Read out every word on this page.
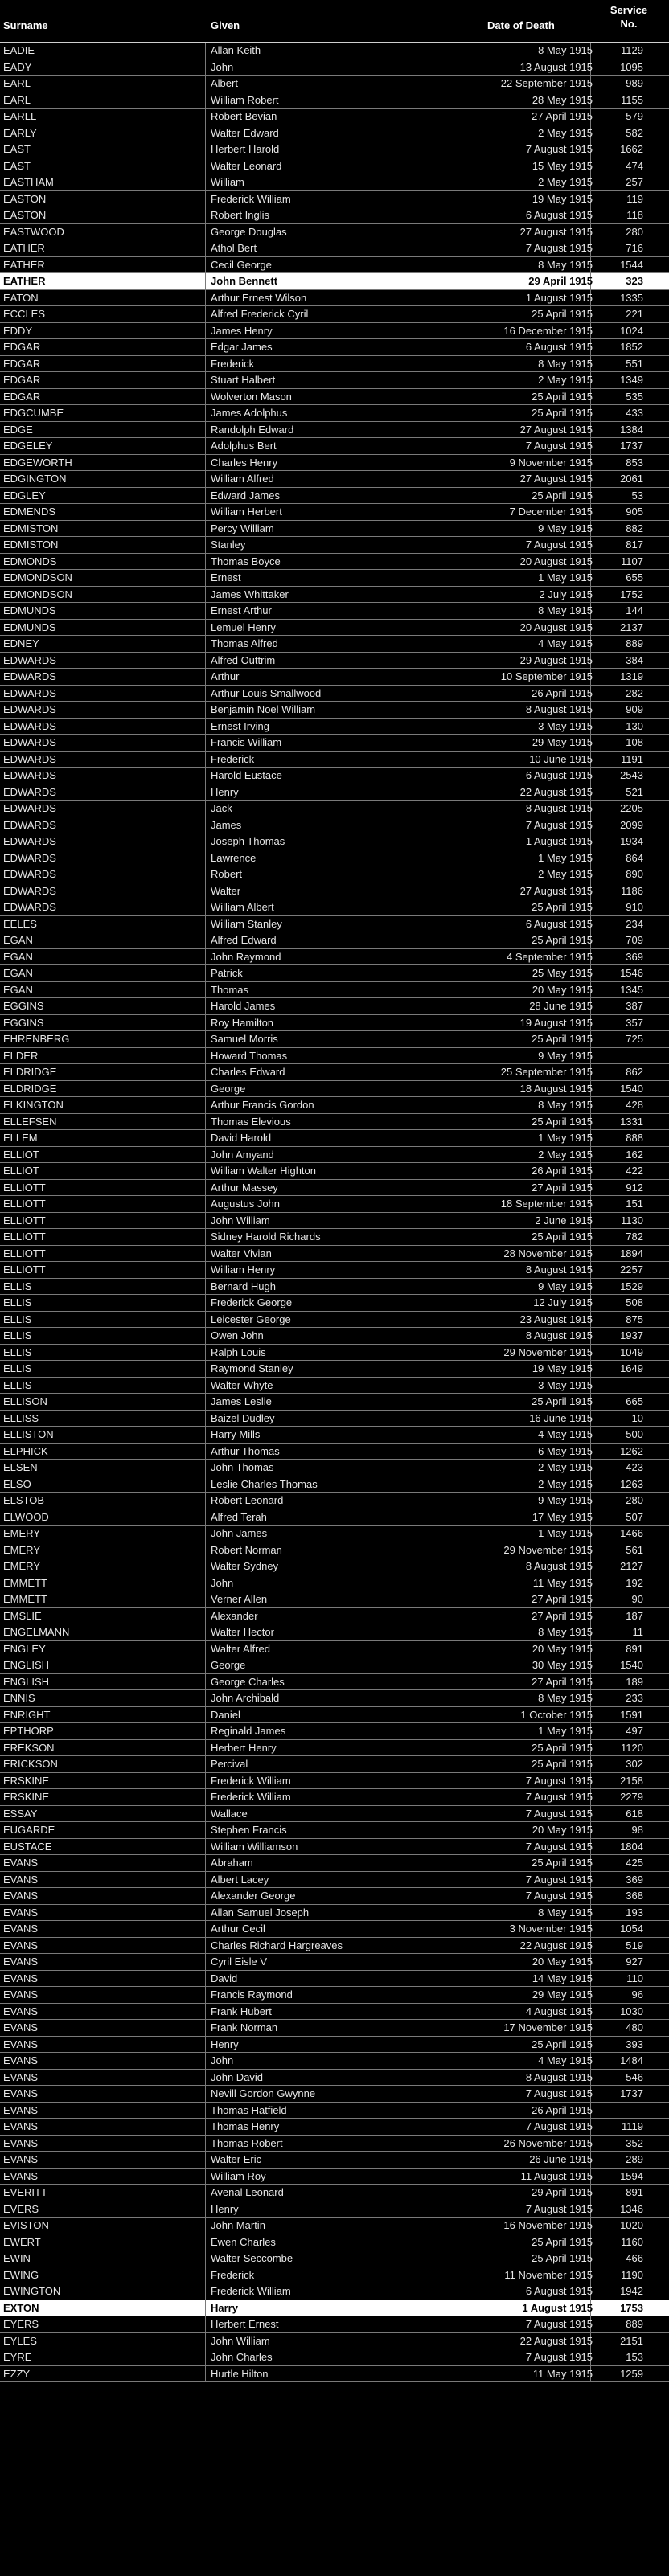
Surname	Given	Date of Death
Service
No.
EADIE	Allan Keith	8 May 1915	1129
EADY	John	13 August 1915	1095
EARL	Albert	22 September 1915	989
EARL	William Robert	28 May 1915	1155
EARLL	Robert Bevian	27 April 1915	579
EARLY	Walter Edward	2 May 1915	582
EAST	Herbert Harold	7 August 1915	1662
EAST	Walter Leonard	15 May 1915	474
EASTHAM	William	2 May 1915	257
EASTON	Frederick William	19 May 1915	119
EASTON	Robert Inglis	6 August 1915	118
EASTWOOD	George Douglas	27 August 1915	280
EATHER	Athol Bert	7 August 1915	716
EATHER	Cecil George	8 May 1915	1544
EATHER	John Bennett	29 April 1915	323
EATON	Arthur Ernest Wilson	1 August 1915	1335
ECCLES	Alfred Frederick Cyril	25 April 1915	221
EDDY	James Henry	16 December 1915	1024
EDGAR	Edgar James	6 August 1915	1852
EDGAR	Frederick	8 May 1915	551
EDGAR	Stuart Halbert	2 May 1915	1349
EDGAR	Wolverton Mason	25 April 1915	535
EDGCUMBE	James Adolphus	25 April 1915	433
EDGE	Randolph Edward	27 August 1915	1384
EDGELEY	Adolphus Bert	7 August 1915	1737
EDGEWORTH	Charles Henry	9 November 1915	853
EDGINGTON	William Alfred	27 August 1915	2061
EDGLEY	Edward James	25 April 1915	53
EDMENDS	William Herbert	7 December 1915	905
EDMISTON	Percy William	9 May 1915	882
EDMISTON	Stanley	7 August 1915	817
EDMONDS	Thomas Boyce	20 August 1915	1107
EDMONDSON	Ernest	1 May 1915	655
EDMONDSON	James Whittaker	2 July 1915	1752
EDMUNDS	Ernest Arthur	8 May 1915	144
EDMUNDS	Lemuel Henry	20 August 1915	2137
EDNEY	Thomas Alfred	4 May 1915	889
EDWARDS	Alfred Outtrim	29 August 1915	384
EDWARDS	Arthur	10 September 1915	1319
EDWARDS	Arthur Louis Smallwood	26 April 1915	282
EDWARDS	Benjamin Noel William	8 August 1915	909
EDWARDS	Ernest Irving	3 May 1915	130
EDWARDS	Francis William	29 May 1915	108
EDWARDS	Frederick	10 June 1915	1191
EDWARDS	Harold Eustace	6 August 1915	2543
EDWARDS	Henry	22 August 1915	521
EDWARDS	Jack	8 August 1915	2205
EDWARDS	James	7 August 1915	2099
EDWARDS	Joseph Thomas	1 August 1915	1934
EDWARDS	Lawrence	1 May 1915	864
EDWARDS	Robert	2 May 1915	890
EDWARDS	Walter	27 August 1915	1186
EDWARDS	William Albert	25 April 1915	910
EELES	William Stanley	6 August 1915	234
EGAN	Alfred Edward	25 April 1915	709
EGAN	John Raymond	4 September 1915	369
EGAN	Patrick	25 May 1915	1546
EGAN	Thomas	20 May 1915	1345
EGGINS	Harold James	28 June 1915	387
EGGINS	Roy Hamilton	19 August 1915	357
EHRENBERG	Samuel Morris	25 April 1915	725
ELDER	Howard Thomas	9 May 1915
ELDRIDGE	Charles Edward	25 September 1915	862
ELDRIDGE	George	18 August 1915	1540
ELKINGTON	Arthur Francis Gordon	8 May 1915	428
ELLEFSEN	Thomas Elevious	25 April 1915	1331
ELLEM	David Harold	1 May 1915	888
ELLIOT	John Amyand	2 May 1915	162
ELLIOT	William Walter Highton	26 April 1915	422
ELLIOTT	Arthur Massey	27 April 1915	912
ELLIOTT	Augustus John	18 September 1915	151
ELLIOTT	John William	2 June 1915	1130
ELLIOTT	Sidney Harold Richards	25 April 1915	782
ELLIOTT	Walter Vivian	28 November 1915	1894
ELLIOTT	William Henry	8 August 1915	2257
ELLIS	Bernard Hugh	9 May 1915	1529
ELLIS	Frederick George	12 July 1915	508
ELLIS	Leicester George	23 August 1915	875
ELLIS	Owen John	8 August 1915	1937
ELLIS	Ralph Louis	29 November 1915	1049
ELLIS	Raymond Stanley	19 May 1915	1649
ELLIS	Walter Whyte	3 May 1915
ELLISON	James Leslie	25 April 1915	665
ELLISS	Baizel Dudley	16 June 1915	10
ELLISTON	Harry Mills	4 May 1915	500
ELPHICK	Arthur Thomas	6 May 1915	1262
ELSEN	John Thomas	2 May 1915	423
ELSO	Leslie Charles Thomas	2 May 1915	1263
ELSTOB	Robert Leonard	9 May 1915	280
ELWOOD	Alfred Terah	17 May 1915	507
EMERY	John James	1 May 1915	1466
EMERY	Robert Norman	29 November 1915	561
EMERY	Walter Sydney	8 August 1915	2127
EMMETT	John	11 May 1915	192
EMMETT	Verner Allen	27 April 1915	90
EMSLIE	Alexander	27 April 1915	187
ENGELMANN	Walter Hector	8 May 1915	11
ENGLEY	Walter Alfred	20 May 1915	891
ENGLISH	George	30 May 1915	1540
ENGLISH	George Charles	27 April 1915	189
ENNIS	John Archibald	8 May 1915	233
ENRIGHT	Daniel	1 October 1915	1591
EPTHORP	Reginald James	1 May 1915	497
EREKSON	Herbert Henry	25 April 1915	1120
ERICKSON	Percival	25 April 1915	302
ERSKINE	Frederick William	7 August 1915	2158
ERSKINE	Frederick William	7 August 1915	2279
ESSAY	Wallace	7 August 1915	618
EUGARDE	Stephen Francis	20 May 1915	98
EUSTACE	William Williamson	7 August 1915	1804
EVANS	Abraham	25 April 1915	425
EVANS	Albert Lacey	7 August 1915	369
EVANS	Alexander George	7 August 1915	368
EVANS	Allan Samuel Joseph	8 May 1915	193
EVANS	Arthur Cecil	3 November 1915	1054
EVANS	Charles Richard Hargreaves	22 August 1915	519
EVANS	Cyril Eisle V	20 May 1915	927
EVANS	David	14 May 1915	110
EVANS	Francis Raymond	29 May 1915	96
EVANS	Frank Hubert	4 August 1915	1030
EVANS	Frank Norman	17 November 1915	480
EVANS	Henry	25 April 1915	393
EVANS	John	4 May 1915	1484
EVANS	John David	8 August 1915	546
EVANS	Nevill Gordon Gwynne	7 August 1915	1737
EVANS	Thomas Hatfield	26 April 1915
EVANS	Thomas Henry	7 August 1915	1119
EVANS	Thomas Robert	26 November 1915	352
EVANS	Walter Eric	26 June 1915	289
EVANS	William Roy	11 August 1915	1594
EVERITT	Avenal Leonard	29 April 1915	891
EVERS	Henry	7 August 1915	1346
EVISTON	John Martin	16 November 1915	1020
EWERT	Ewen Charles	25 April 1915	1160
EWIN	Walter Seccombe	25 April 1915	466
EWING	Frederick	11 November 1915	1190
EWINGTON	Frederick William	6 August 1915	1942
EXTON	Harry	1 August 1915	1753
EYERS	Herbert Ernest	7 August 1915	889
EYLES	John William	22 August 1915	2151
EYRE	John Charles	7 August 1915	153
EZZY	Hurtle Hilton	11 May 1915	1259
